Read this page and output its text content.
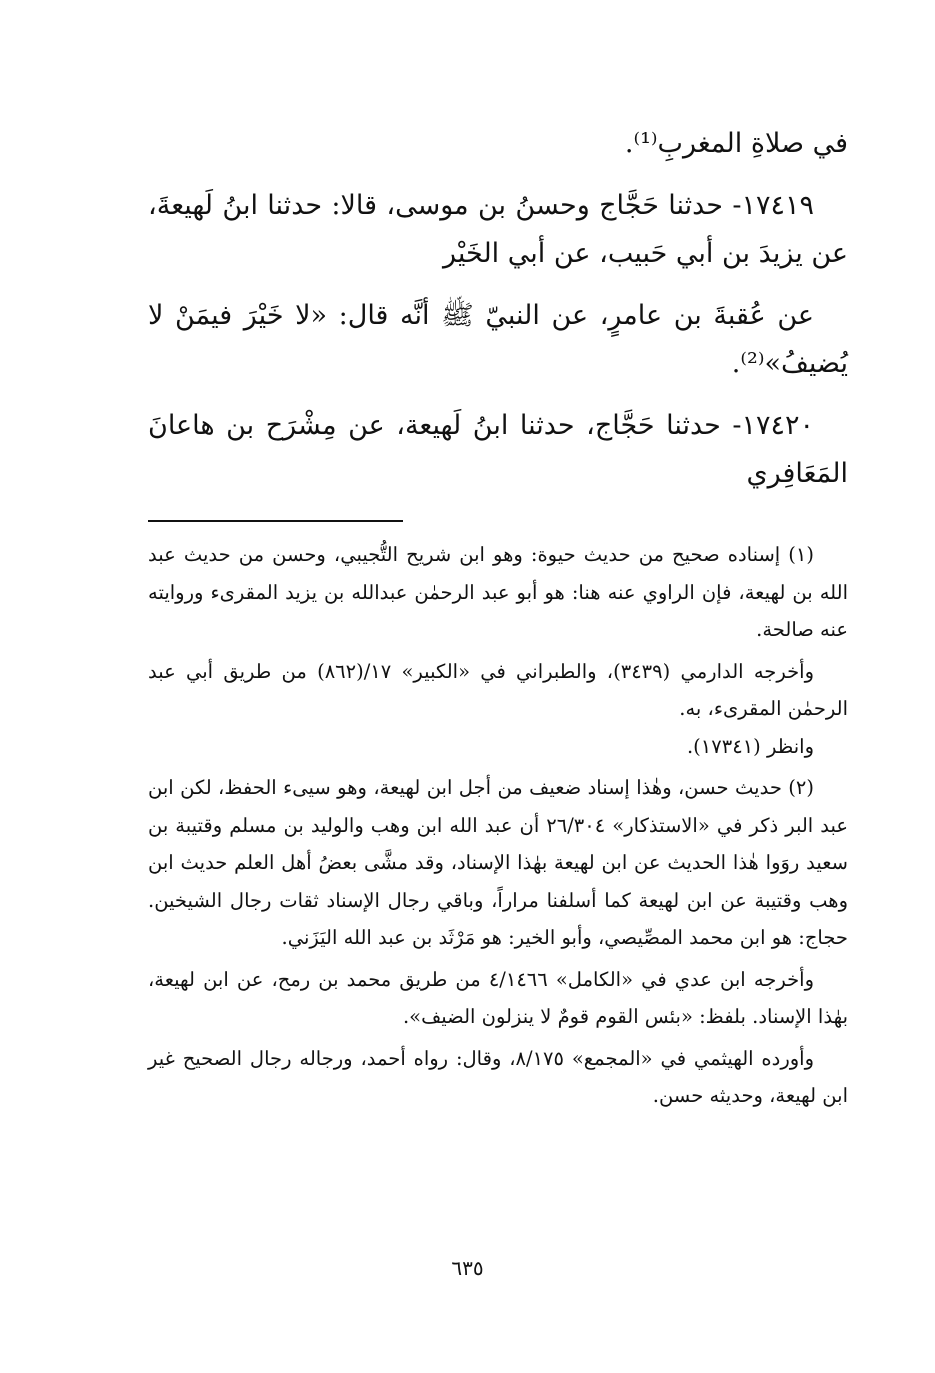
في صلاةِ المغربِ⁽¹⁾.

١٧٤١٩- حدثنا حَجَّاج وحسنُ بن موسى، قالا: حدثنا ابنُ لَهيعةَ، عن يزيدَ بن أبي حَبيب، عن أبي الخَيْر

عن عُقبةَ بن عامرٍ، عن النبيّ ﷺ أنَّه قال: «لا خَيْرَ فيمَنْ لا يُضيفُ»⁽²⁾.

١٧٤٢٠- حدثنا حَجَّاج، حدثنا ابنُ لَهيعة، عن مِشْرَح بن هاعانَ المَعَافِري

(١) إسناده صحيح من حديث حيوة: وهو ابن شريح التُّجيبي، وحسن من حديث عبد الله بن لهيعة، فإن الراوي عنه هنا: هو أبو عبد الرحمٰن عبدالله بن يزيد المقرىء وروايته عنه صالحة.

وأخرجه الدارمي (٣٤٣٩)، والطبراني في «الكبير» ١٧/(٨٦٢) من طريق أبي عبد الرحمٰن المقرىء، به.

وانظر (١٧٣٤١).

(٢) حديث حسن، وهٰذا إسناد ضعيف من أجل ابن لهيعة، وهو سيىء الحفظ، لكن ابن عبد البر ذكر في «الاستذكار» ٢٦/٣٠٤ أن عبد الله ابن وهب والوليد بن مسلم وقتيبة بن سعيد روَوا هٰذا الحديث عن ابن لهيعة بهٰذا الإسناد، وقد مشَّى بعضُ أهل العلم حديث ابن وهب وقتيبة عن ابن لهيعة كما أسلفنا مراراً، وباقي رجال الإسناد ثقات رجال الشيخين. حجاج: هو ابن محمد المصِّيصي، وأبو الخير: هو مَرْثَد بن عبد الله اليَزَني.

وأخرجه ابن عدي في «الكامل» ٤/١٤٦٦ من طريق محمد بن رمح، عن ابن لهيعة، بهٰذا الإسناد. بلفظ: «بئس القوم قومٌ لا ينزلون الضيف».

وأورده الهيثمي في «المجمع» ٨/١٧٥، وقال: رواه أحمد، ورجاله رجال الصحيح غير ابن لهيعة، وحديثه حسن.

٦٣٥
